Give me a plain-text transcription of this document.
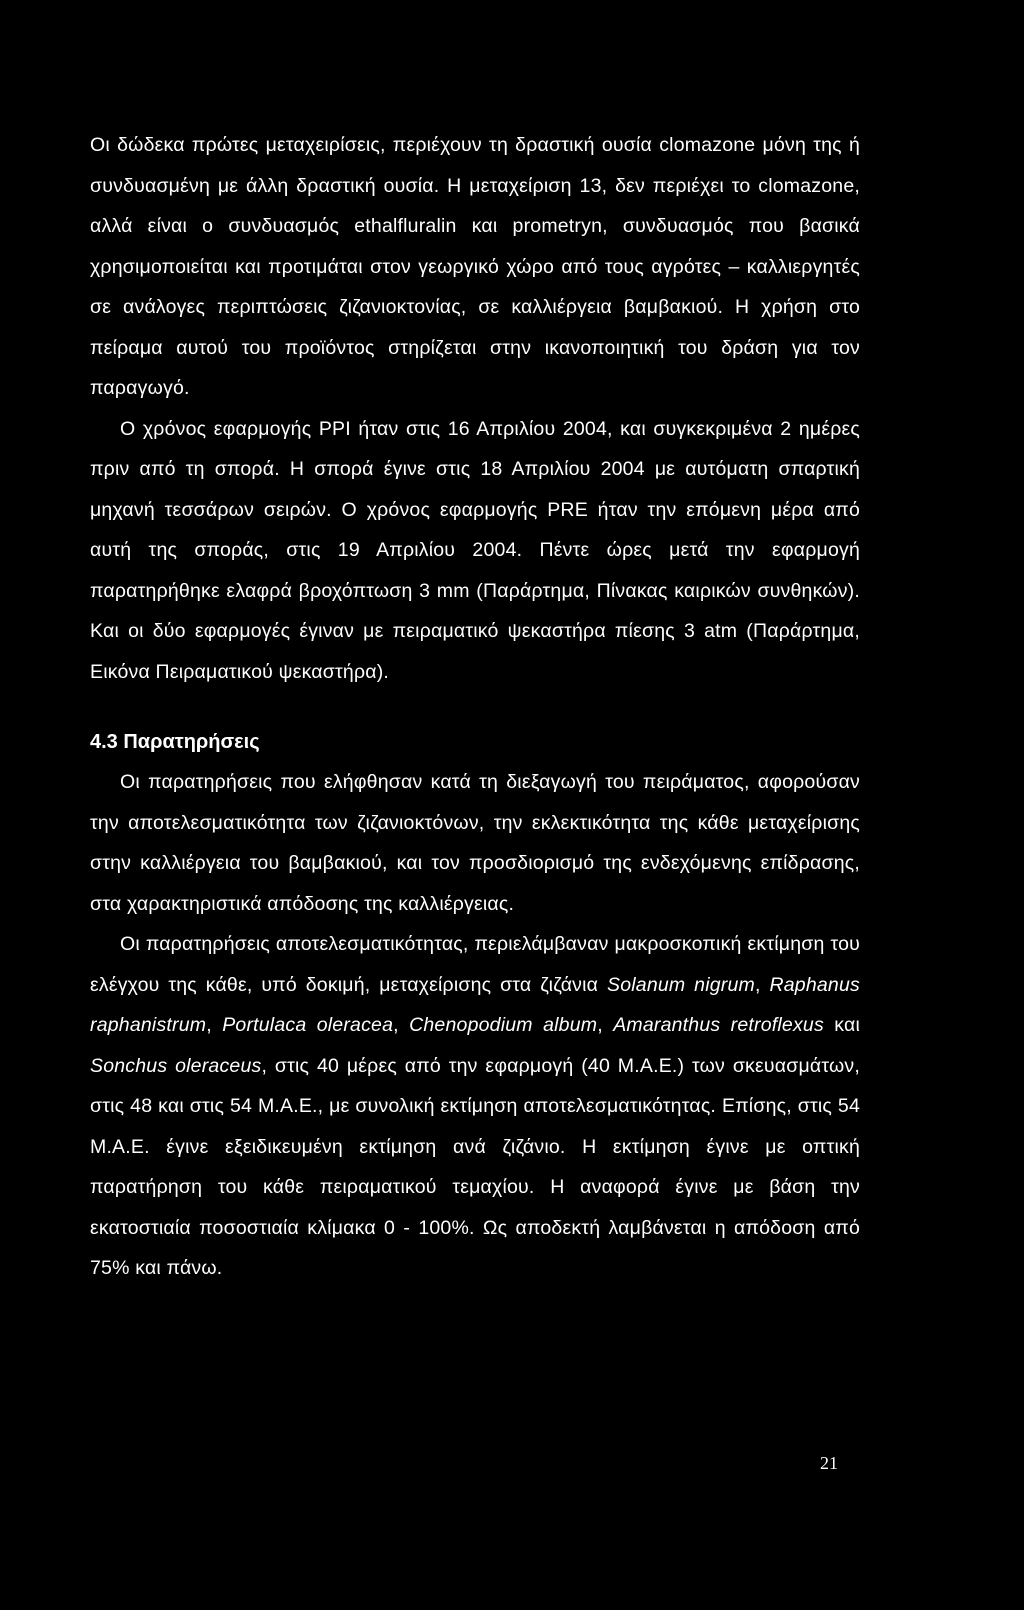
Οι δώδεκα πρώτες μεταχειρίσεις, περιέχουν τη δραστική ουσία clomazone μόνη της ή συνδυασμένη με άλλη δραστική ουσία. Η μεταχείριση 13, δεν περιέχει το clomazone, αλλά είναι ο συνδυασμός ethalfluralin και prometryn, συνδυασμός που βασικά χρησιμοποιείται και προτιμάται στον γεωργικό χώρο από τους αγρότες – καλλιεργητές σε ανάλογες περιπτώσεις ζιζανιοκτονίας, σε καλλιέργεια βαμβακιού. Η χρήση στο πείραμα αυτού του προϊόντος στηρίζεται στην ικανοποιητική του δράση για τον παραγωγό.

Ο χρόνος εφαρμογής PPI ήταν στις 16 Απριλίου 2004, και συγκεκριμένα 2 ημέρες πριν από τη σπορά. Η σπορά έγινε στις 18 Απριλίου 2004 με αυτόματη σπαρτική μηχανή τεσσάρων σειρών. Ο χρόνος εφαρμογής PRE ήταν την επόμενη μέρα από αυτή της σποράς, στις 19 Απριλίου 2004. Πέντε ώρες μετά την εφαρμογή παρατηρήθηκε ελαφρά βροχόπτωση 3 mm (Παράρτημα, Πίνακας καιρικών συνθηκών). Και οι δύο εφαρμογές έγιναν με πειραματικό ψεκαστήρα πίεσης 3 atm (Παράρτημα, Εικόνα Πειραματικού ψεκαστήρα).

4.3 Παρατηρήσεις

Οι παρατηρήσεις που ελήφθησαν κατά τη διεξαγωγή του πειράματος, αφορούσαν την αποτελεσματικότητα των ζιζανιοκτόνων, την εκλεκτικότητα της κάθε μεταχείρισης στην καλλιέργεια του βαμβακιού, και τον προσδιορισμό της ενδεχόμενης επίδρασης, στα χαρακτηριστικά απόδοσης της καλλιέργειας.

Οι παρατηρήσεις αποτελεσματικότητας, περιελάμβαναν μακροσκοπική εκτίμηση του ελέγχου της κάθε, υπό δοκιμή, μεταχείρισης στα ζιζάνια Solanum nigrum, Raphanus raphanistrum, Portulaca oleracea, Chenopodium album, Amaranthus retroflexus και Sonchus oleraceus, στις 40 μέρες από την εφαρμογή (40 Μ.Α.Ε.) των σκευασμάτων, στις 48 και στις 54 Μ.Α.Ε., με συνολική εκτίμηση αποτελεσματικότητας. Επίσης, στις 54 Μ.Α.Ε. έγινε εξειδικευμένη εκτίμηση ανά ζιζάνιο. Η εκτίμηση έγινε με οπτική παρατήρηση του κάθε πειραματικού τεμαχίου. Η αναφορά έγινε με βάση την εκατοστιαία ποσοστιαία κλίμακα 0 - 100%. Ως αποδεκτή λαμβάνεται η απόδοση από 75% και πάνω.

21
